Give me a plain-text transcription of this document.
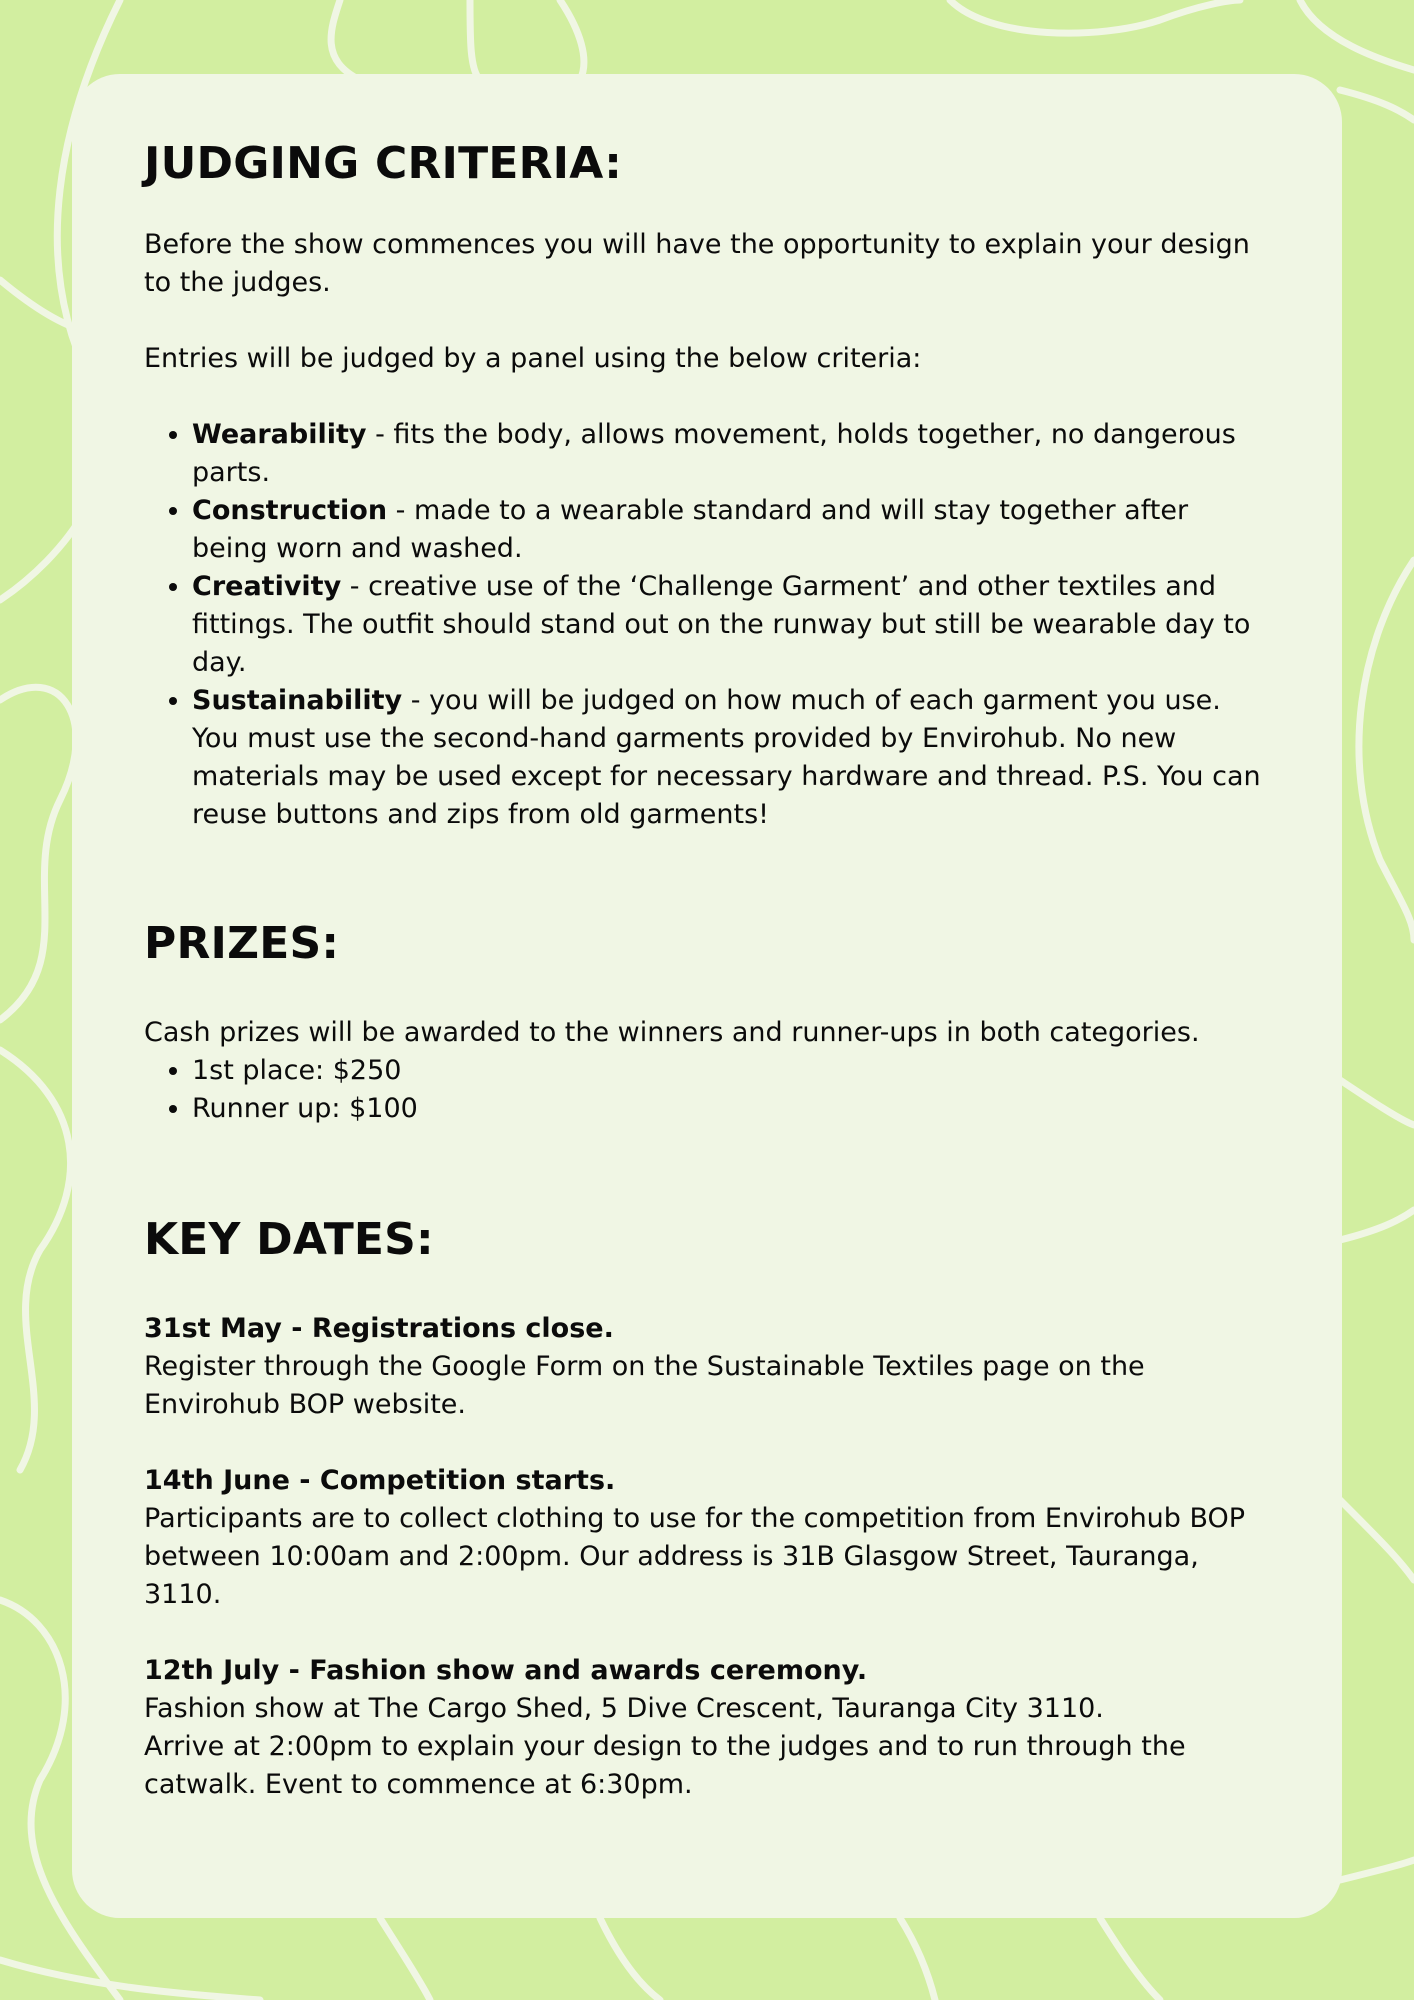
JUDGING CRITERIA:

Before the show commences you will have the opportunity to explain your design to the judges.

Entries will be judged by a panel using the below criteria:

• Wearability - fits the body, allows movement, holds together, no dangerous parts.
• Construction - made to a wearable standard and will stay together after being worn and washed.
• Creativity - creative use of the ‘Challenge Garment’ and other textiles and fittings. The outfit should stand out on the runway but still be wearable day to day.
• Sustainability - you will be judged on how much of each garment you use. You must use the second-hand garments provided by Envirohub. No new materials may be used except for necessary hardware and thread. P.S. You can reuse buttons and zips from old garments!
PRIZES:

Cash prizes will be awarded to the winners and runner-ups in both categories.

• 1st place: $250
• Runner up: $100
KEY DATES:

31st May - Registrations close.

Register through the Google Form on the Sustainable Textiles page on the Envirohub BOP website.

14th June - Competition starts.

Participants are to collect clothing to use for the competition from Envirohub BOP between 10:00am and 2:00pm. Our address is 31B Glasgow Street, Tauranga, 3110.

12th July - Fashion show and awards ceremony.

Fashion show at The Cargo Shed, 5 Dive Crescent, Tauranga City 3110.

Arrive at 2:00pm to explain your design to the judges and to run through the catwalk. Event to commence at 6:30pm.
